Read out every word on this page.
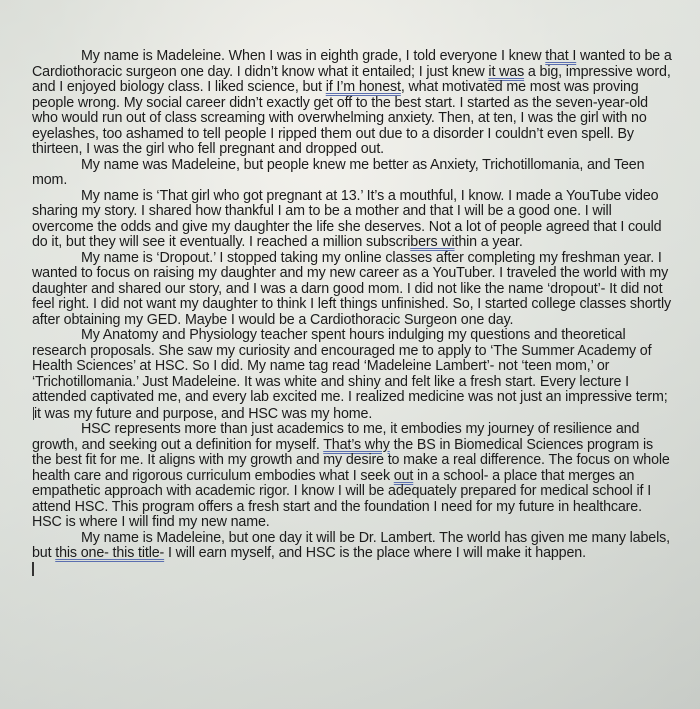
My name is Madeleine. When I was in eighth grade, I told everyone I knew that I wanted to be a Cardiothoracic surgeon one day. I didn’t know what it entailed; I just knew it was a big, impressive word, and I enjoyed biology class. I liked science, but if I’m honest, what motivated me most was proving people wrong. My social career didn’t exactly get off to the best start. I started as the seven-year-old who would run out of class screaming with overwhelming anxiety. Then, at ten, I was the girl with no eyelashes, too ashamed to tell people I ripped them out due to a disorder I couldn’t even spell. By thirteen, I was the girl who fell pregnant and dropped out.

My name was Madeleine, but people knew me better as Anxiety, Trichotillomania, and Teen mom.

My name is ‘That girl who got pregnant at 13.’ It’s a mouthful, I know. I made a YouTube video sharing my story. I shared how thankful I am to be a mother and that I will be a good one. I will overcome the odds and give my daughter the life she deserves. Not a lot of people agreed that I could do it, but they will see it eventually. I reached a million subscribers within a year.

My name is ‘Dropout.’ I stopped taking my online classes after completing my freshman year. I wanted to focus on raising my daughter and my new career as a YouTuber. I traveled the world with my daughter and shared our story, and I was a darn good mom. I did not like the name ‘dropout’- It did not feel right. I did not want my daughter to think I left things unfinished. So, I started college classes shortly after obtaining my GED. Maybe I would be a Cardiothoracic Surgeon one day.

My Anatomy and Physiology teacher spent hours indulging my questions and theoretical research proposals. She saw my curiosity and encouraged me to apply to ‘The Summer Academy of Health Sciences’ at HSC. So I did. My name tag read ‘Madeleine Lambert’- not ‘teen mom,’ or ‘Trichotillomania.’ Just Madeleine. It was white and shiny and felt like a fresh start. Every lecture I attended captivated me, and every lab excited me. I realized medicine was not just an impressive term; it was my future and purpose, and HSC was my home.

HSC represents more than just academics to me, it embodies my journey of resilience and growth, and seeking out a definition for myself. That’s why the BS in Biomedical Sciences program is the best fit for me. It aligns with my growth and my desire to make a real difference. The focus on whole health care and rigorous curriculum embodies what I seek out in a school- a place that merges an empathetic approach with academic rigor. I know I will be adequately prepared for medical school if I attend HSC. This program offers a fresh start and the foundation I need for my future in healthcare. HSC is where I will find my new name.

My name is Madeleine, but one day it will be Dr. Lambert. The world has given me many labels, but this one- this title- I will earn myself, and HSC is the place where I will make it happen.
